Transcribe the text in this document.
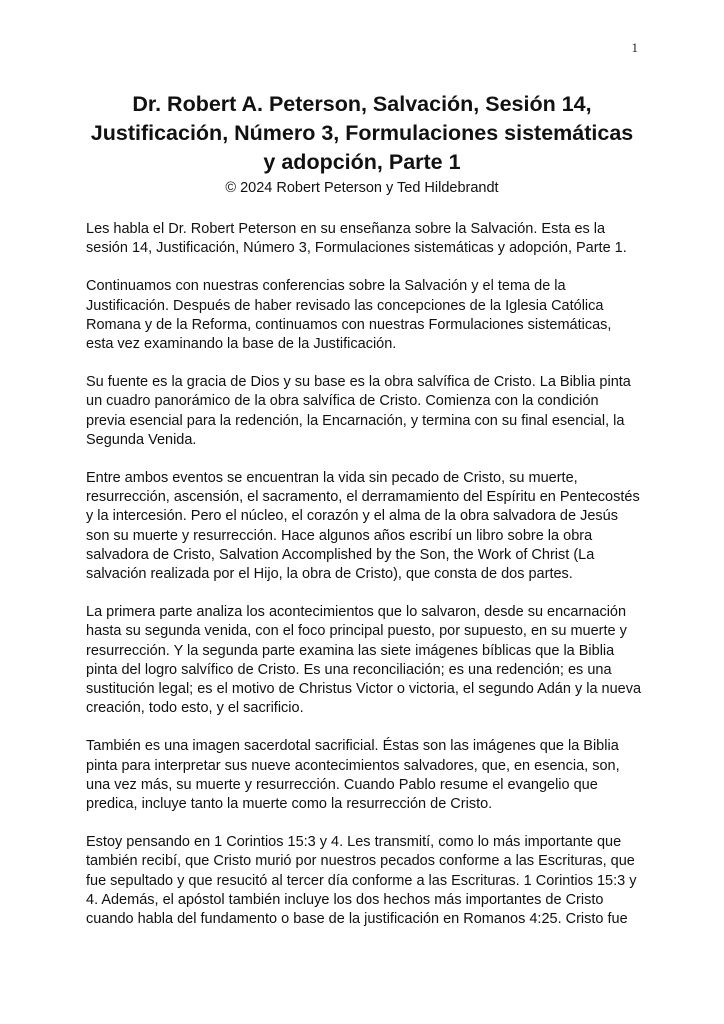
1
Dr. Robert A. Peterson, Salvación, Sesión 14, Justificación, Número 3, Formulaciones sistemáticas y adopción, Parte 1
© 2024 Robert Peterson y Ted Hildebrandt

Les habla el Dr. Robert Peterson en su enseñanza sobre la Salvación. Esta es la sesión 14, Justificación, Número 3, Formulaciones sistemáticas y adopción, Parte 1.

Continuamos con nuestras conferencias sobre la Salvación y el tema de la Justificación. Después de haber revisado las concepciones de la Iglesia Católica Romana y de la Reforma, continuamos con nuestras Formulaciones sistemáticas, esta vez examinando la base de la Justificación.

Su fuente es la gracia de Dios y su base es la obra salvífica de Cristo. La Biblia pinta un cuadro panorámico de la obra salvífica de Cristo. Comienza con la condición previa esencial para la redención, la Encarnación, y termina con su final esencial, la Segunda Venida.

Entre ambos eventos se encuentran la vida sin pecado de Cristo, su muerte, resurrección, ascensión, el sacramento, el derramamiento del Espíritu en Pentecostés y la intercesión. Pero el núcleo, el corazón y el alma de la obra salvadora de Jesús son su muerte y resurrección. Hace algunos años escribí un libro sobre la obra salvadora de Cristo, Salvation Accomplished by the Son, the Work of Christ (La salvación realizada por el Hijo, la obra de Cristo), que consta de dos partes.

La primera parte analiza los acontecimientos que lo salvaron, desde su encarnación hasta su segunda venida, con el foco principal puesto, por supuesto, en su muerte y resurrección. Y la segunda parte examina las siete imágenes bíblicas que la Biblia pinta del logro salvífico de Cristo. Es una reconciliación; es una redención; es una sustitución legal; es el motivo de Christus Victor o victoria, el segundo Adán y la nueva creación, todo esto, y el sacrificio.

También es una imagen sacerdotal sacrificial. Éstas son las imágenes que la Biblia pinta para interpretar sus nueve acontecimientos salvadores, que, en esencia, son, una vez más, su muerte y resurrección. Cuando Pablo resume el evangelio que predica, incluye tanto la muerte como la resurrección de Cristo.

Estoy pensando en 1 Corintios 15:3 y 4. Les transmití, como lo más importante que también recibí, que Cristo murió por nuestros pecados conforme a las Escrituras, que fue sepultado y que resucitó al tercer día conforme a las Escrituras. 1 Corintios 15:3 y 4. Además, el apóstol también incluye los dos hechos más importantes de Cristo cuando habla del fundamento o base de la justificación en Romanos 4:25. Cristo fue
